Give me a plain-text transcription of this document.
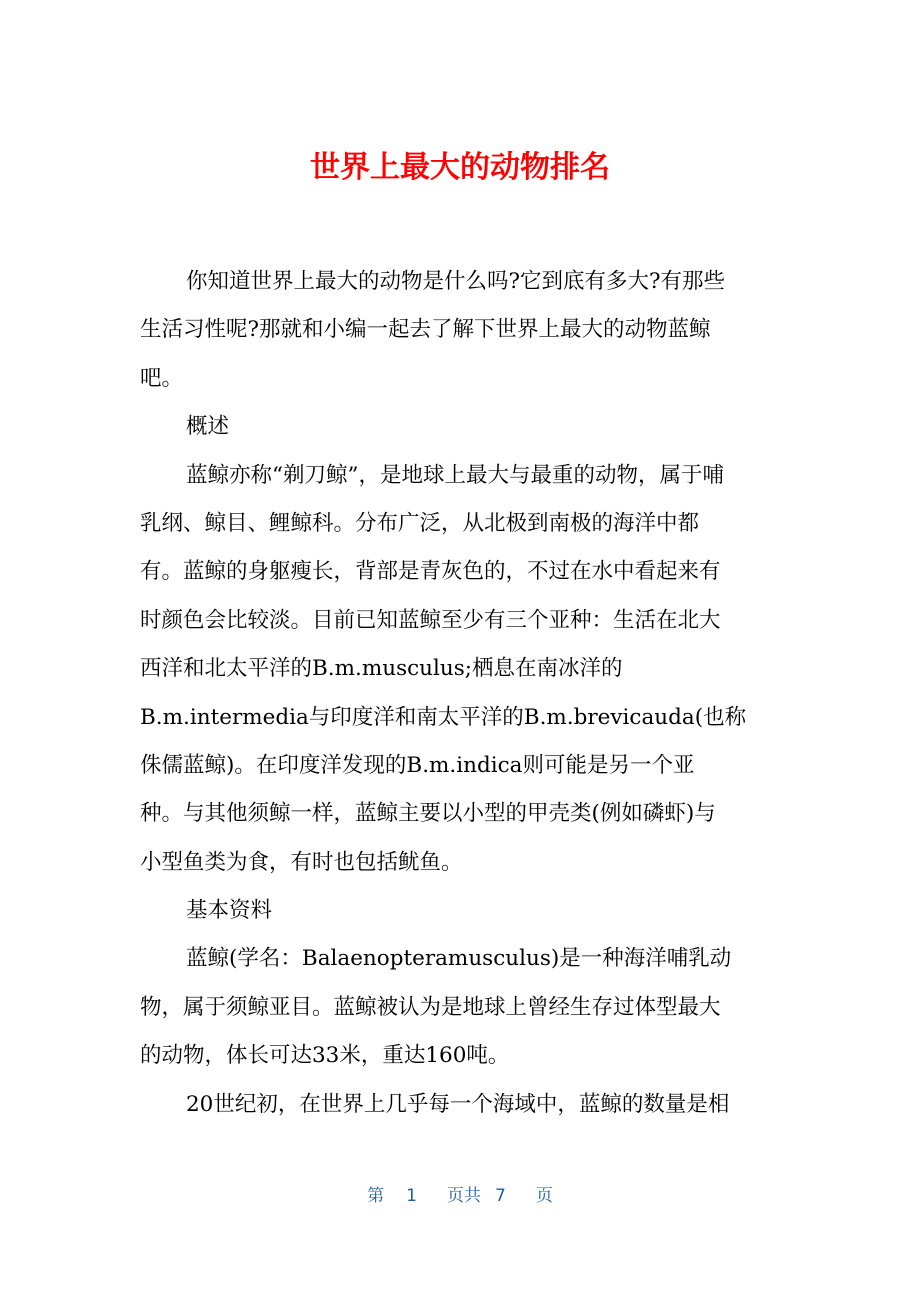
世界上最大的动物排名
你知道世界上最大的动物是什么吗?它到底有多大?有那些
生活习性呢?那就和小编一起去了解下世界上最大的动物蓝鲸
吧。
概述
蓝鲸亦称“剃刀鲸”，是地球上最大与最重的动物，属于哺
乳纲、鲸目、鲤鲸科。分布广泛，从北极到南极的海洋中都
有。蓝鲸的身躯瘦长，背部是青灰色的，不过在水中看起来有
时颜色会比较淡。目前已知蓝鲸至少有三个亚种：生活在北大
西洋和北太平洋的B.m.musculus;栖息在南冰洋的
B.m.intermedia与印度洋和南太平洋的B.m.brevicauda(也称
侏儒蓝鲸)。在印度洋发现的B.m.indica则可能是另一个亚
种。与其他须鲸一样，蓝鲸主要以小型的甲壳类(例如磷虾)与
小型鱼类为食，有时也包括鱿鱼。
基本资料
蓝鲸(学名：Balaenopteramusculus)是一种海洋哺乳动
物，属于须鲸亚目。蓝鲸被认为是地球上曾经生存过体型最大
的动物，体长可达33米，重达160吨。
20世纪初，在世界上几乎每一个海域中，蓝鲸的数量是相
第 1 页共 7 页
